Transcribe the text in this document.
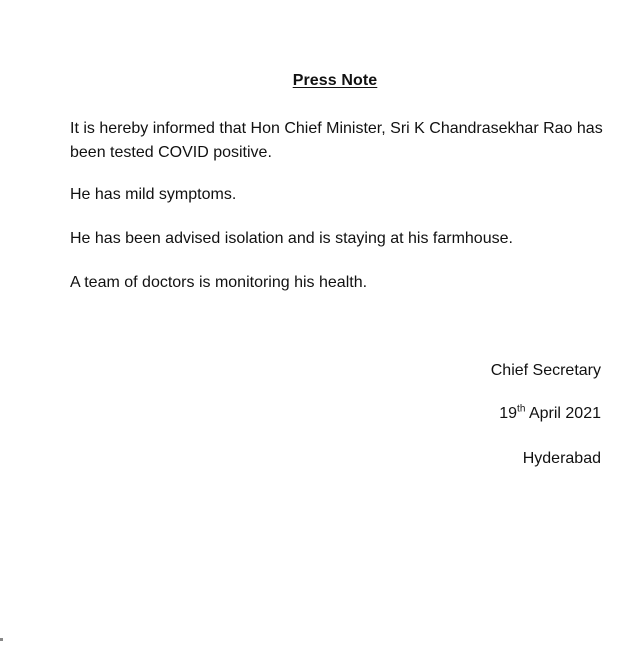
Press Note
It is hereby informed that Hon Chief Minister, Sri K Chandrasekhar Rao has been tested COVID positive.
He has mild symptoms.
He has been advised isolation and is staying at his farmhouse.
A team of doctors is monitoring his health.
Chief Secretary
19th April 2021
Hyderabad
